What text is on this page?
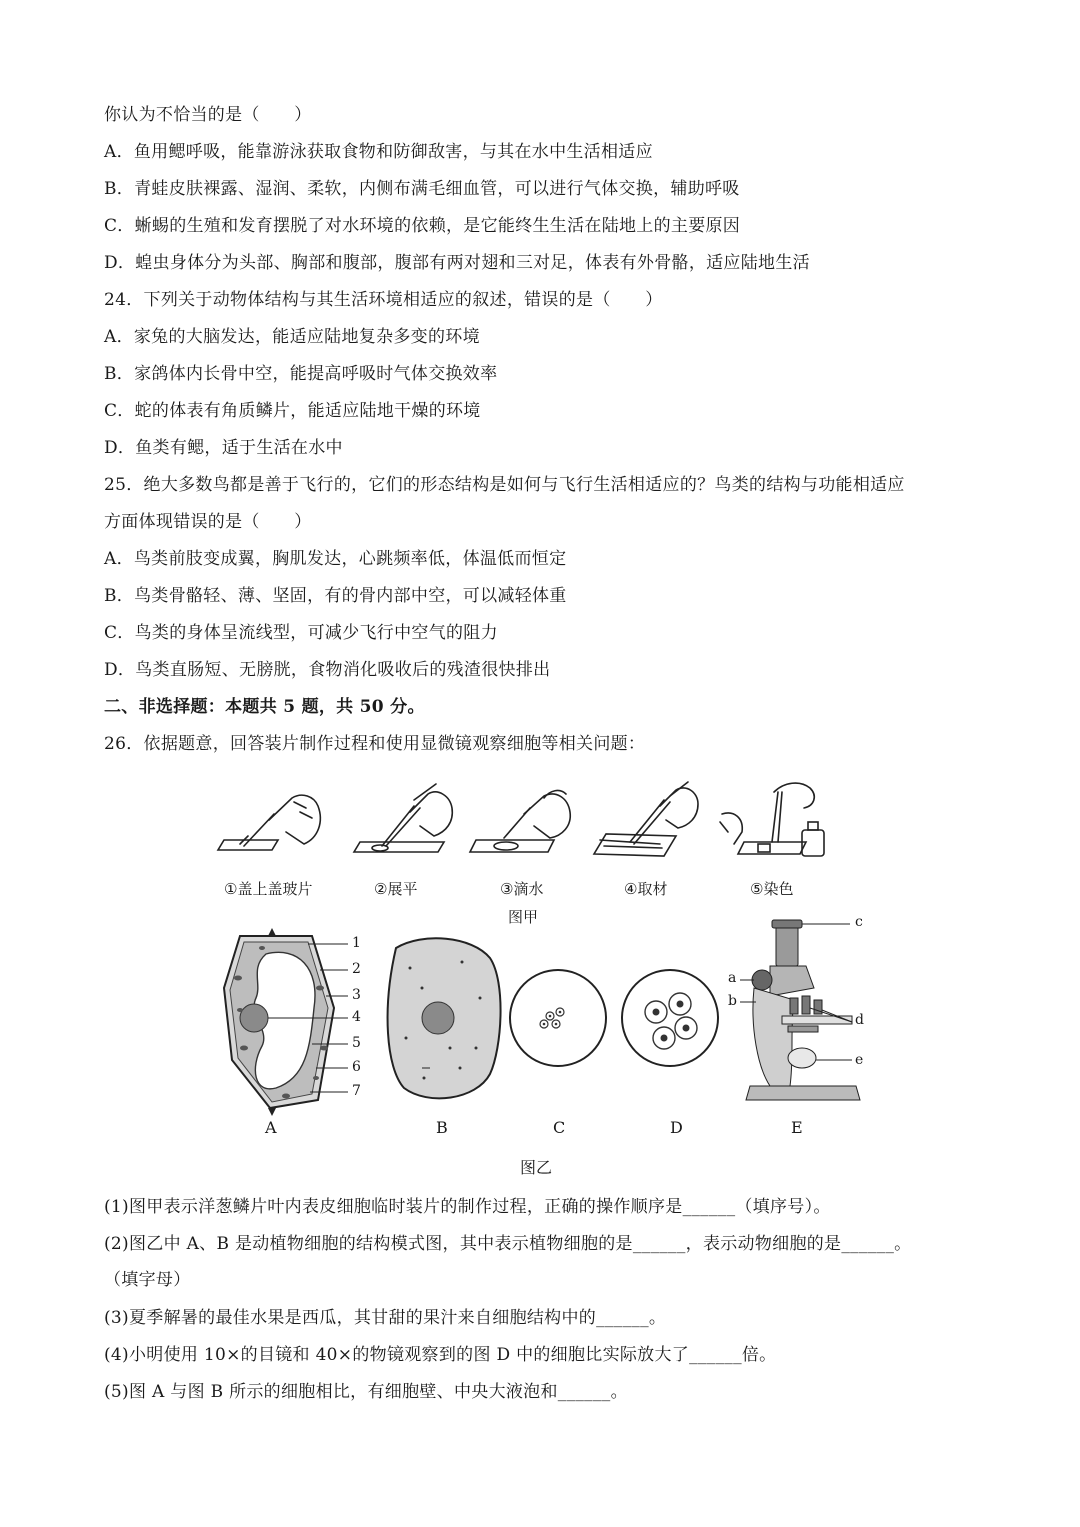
你认为不恰当的是（　　）
A．鱼用鳃呼吸，能靠游泳获取食物和防御敌害，与其在水中生活相适应
B．青蛙皮肤裸露、湿润、柔软，内侧布满毛细血管，可以进行气体交换，辅助呼吸
C．蜥蜴的生殖和发育摆脱了对水环境的依赖，是它能终生生活在陆地上的主要原因
D．蝗虫身体分为头部、胸部和腹部，腹部有两对翅和三对足，体表有外骨骼，适应陆地生活
24．下列关于动物体结构与其生活环境相适应的叙述，错误的是（　　）
A．家兔的大脑发达，能适应陆地复杂多变的环境
B．家鸽体内长骨中空，能提高呼吸时气体交换效率
C．蛇的体表有角质鳞片，能适应陆地干燥的环境
D．鱼类有鳃，适于生活在水中
25．绝大多数鸟都是善于飞行的，它们的形态结构是如何与飞行生活相适应的？鸟类的结构与功能相适应
方面体现错误的是（　　）
A．鸟类前肢变成翼，胸肌发达，心跳频率低，体温低而恒定
B．鸟类骨骼轻、薄、坚固，有的骨内部中空，可以减轻体重
C．鸟类的身体呈流线型，可减少飞行中空气的阻力
D．鸟类直肠短、无膀胱，食物消化吸收后的残渣很快排出
二、非选择题：本题共 5 题，共 50 分。
26．依据题意，回答装片制作过程和使用显微镜观察细胞等相关问题：
①盖上盖玻片	②展平	③滴水	④取材	⑤染色
图甲
1
2
3
4
5
6
7
a
b
c
d
e
A	B	C	D	E
图乙
(1)图甲表示洋葱鳞片叶内表皮细胞临时装片的制作过程，正确的操作顺序是______（填序号）。
(2)图乙中 A、B 是动植物细胞的结构模式图，其中表示植物细胞的是______，表示动物细胞的是______。
（填字母）
(3)夏季解暑的最佳水果是西瓜，其甘甜的果汁来自细胞结构中的______。
(4)小明使用 10×的目镜和 40×的物镜观察到的图 D 中的细胞比实际放大了______倍。
(5)图 A 与图 B 所示的细胞相比，有细胞壁、中央大液泡和______。
